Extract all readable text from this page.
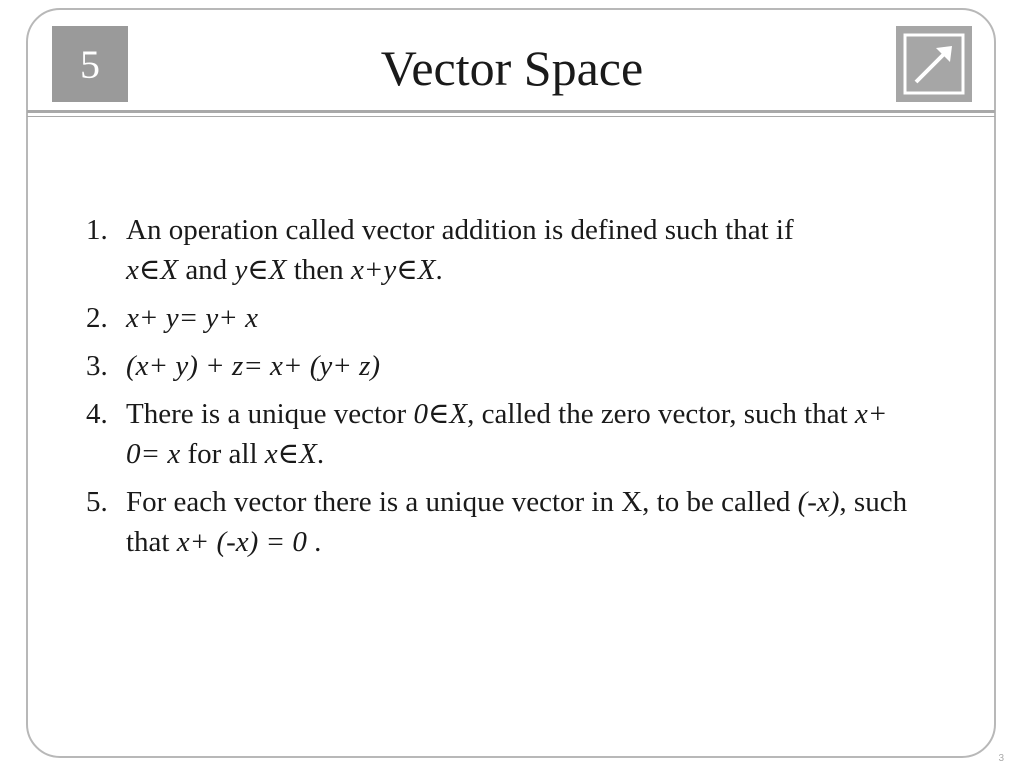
5	Vector Space
1. An operation called vector addition is defined such that if
x∈X and y∈X then x+y∈X.
2. x+ y= y+ x
3. (x+ y) + z= x+ (y+ z)
4. There is a unique vector 0∈X, called the zero vector, such that x+ 0= x for all x∈X.
5. For each vector there is a unique vector in X, to be called (-x), such that x+ (-x) = 0 .
3
